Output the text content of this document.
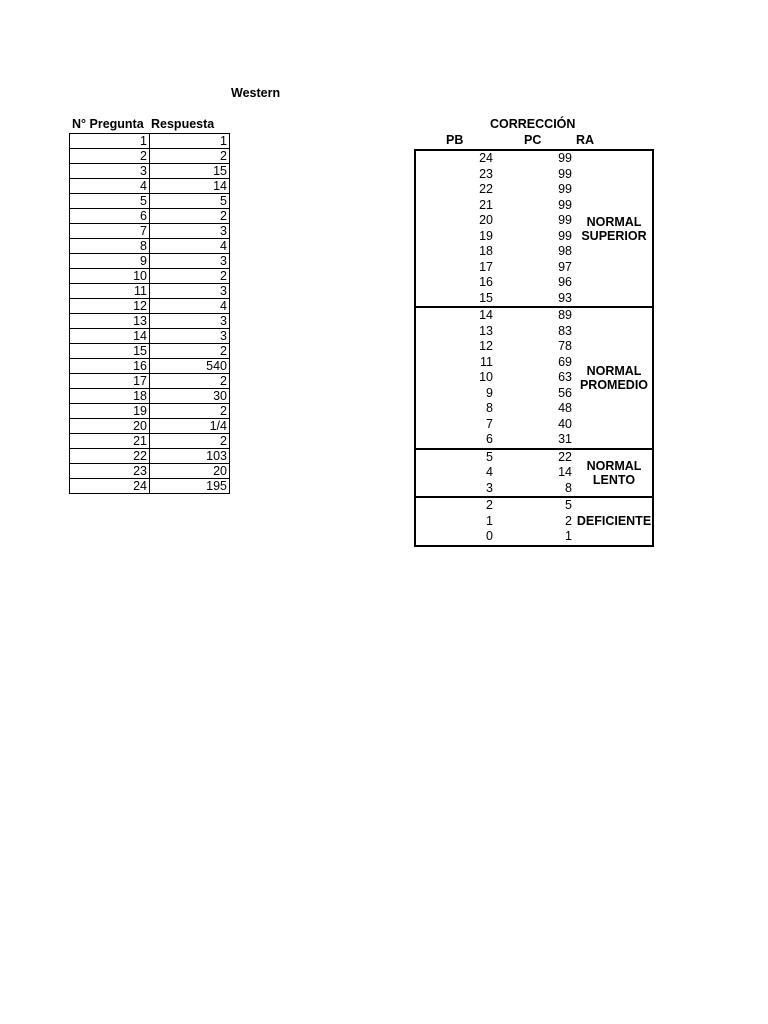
Western
N° Pregunta Respuesta
1	1
2	2
3	15
4	14
5	5
6	2
7	3
8	4
9	3
10	2
11	3
12	4
13	3
14	3
15	2
16	540
17	2
18	30
19	2
20	1/4
21	2
22	103
23	20
24	195
CORRECCIÓN
PB	PC	RA
24	99
23	99
22	99
21	99
20	99
19	99
18	98
17	97
16	96
15	93
NORMAL
SUPERIOR
14	89
13	83
12	78
11	69
10	63
9	56
8	48
7	40
6	31
NORMAL
PROMEDIO
5	22
4	14
3	8
NORMAL
LENTO
2	5
1	2
0	1
DEFICIENTE
